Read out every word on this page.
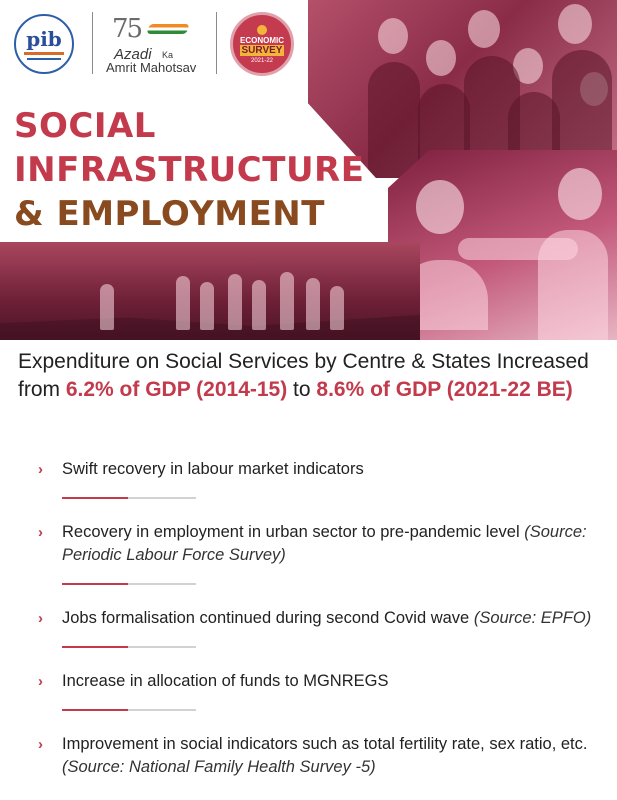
pib 75
Azadi Ka
Amrit Mahotsav
ECONOMIC
SURVEY
2021-22
SOCIAL
INFRASTRUCTURE
& EMPLOYMENT

Expenditure on Social Services by Centre & States Increased from 6.2% of GDP (2014-15) to 8.6% of GDP (2021-22 BE)

› Swift recovery in labour market indicators
› Recovery in employment in urban sector to pre-pandemic level (Source: Periodic Labour Force Survey)
› Jobs formalisation continued during second Covid wave (Source: EPFO)
› Increase in allocation of funds to MGNREGS
› Improvement in social indicators such as total fertility rate, sex ratio, etc. (Source: National Family Health Survey -5)
